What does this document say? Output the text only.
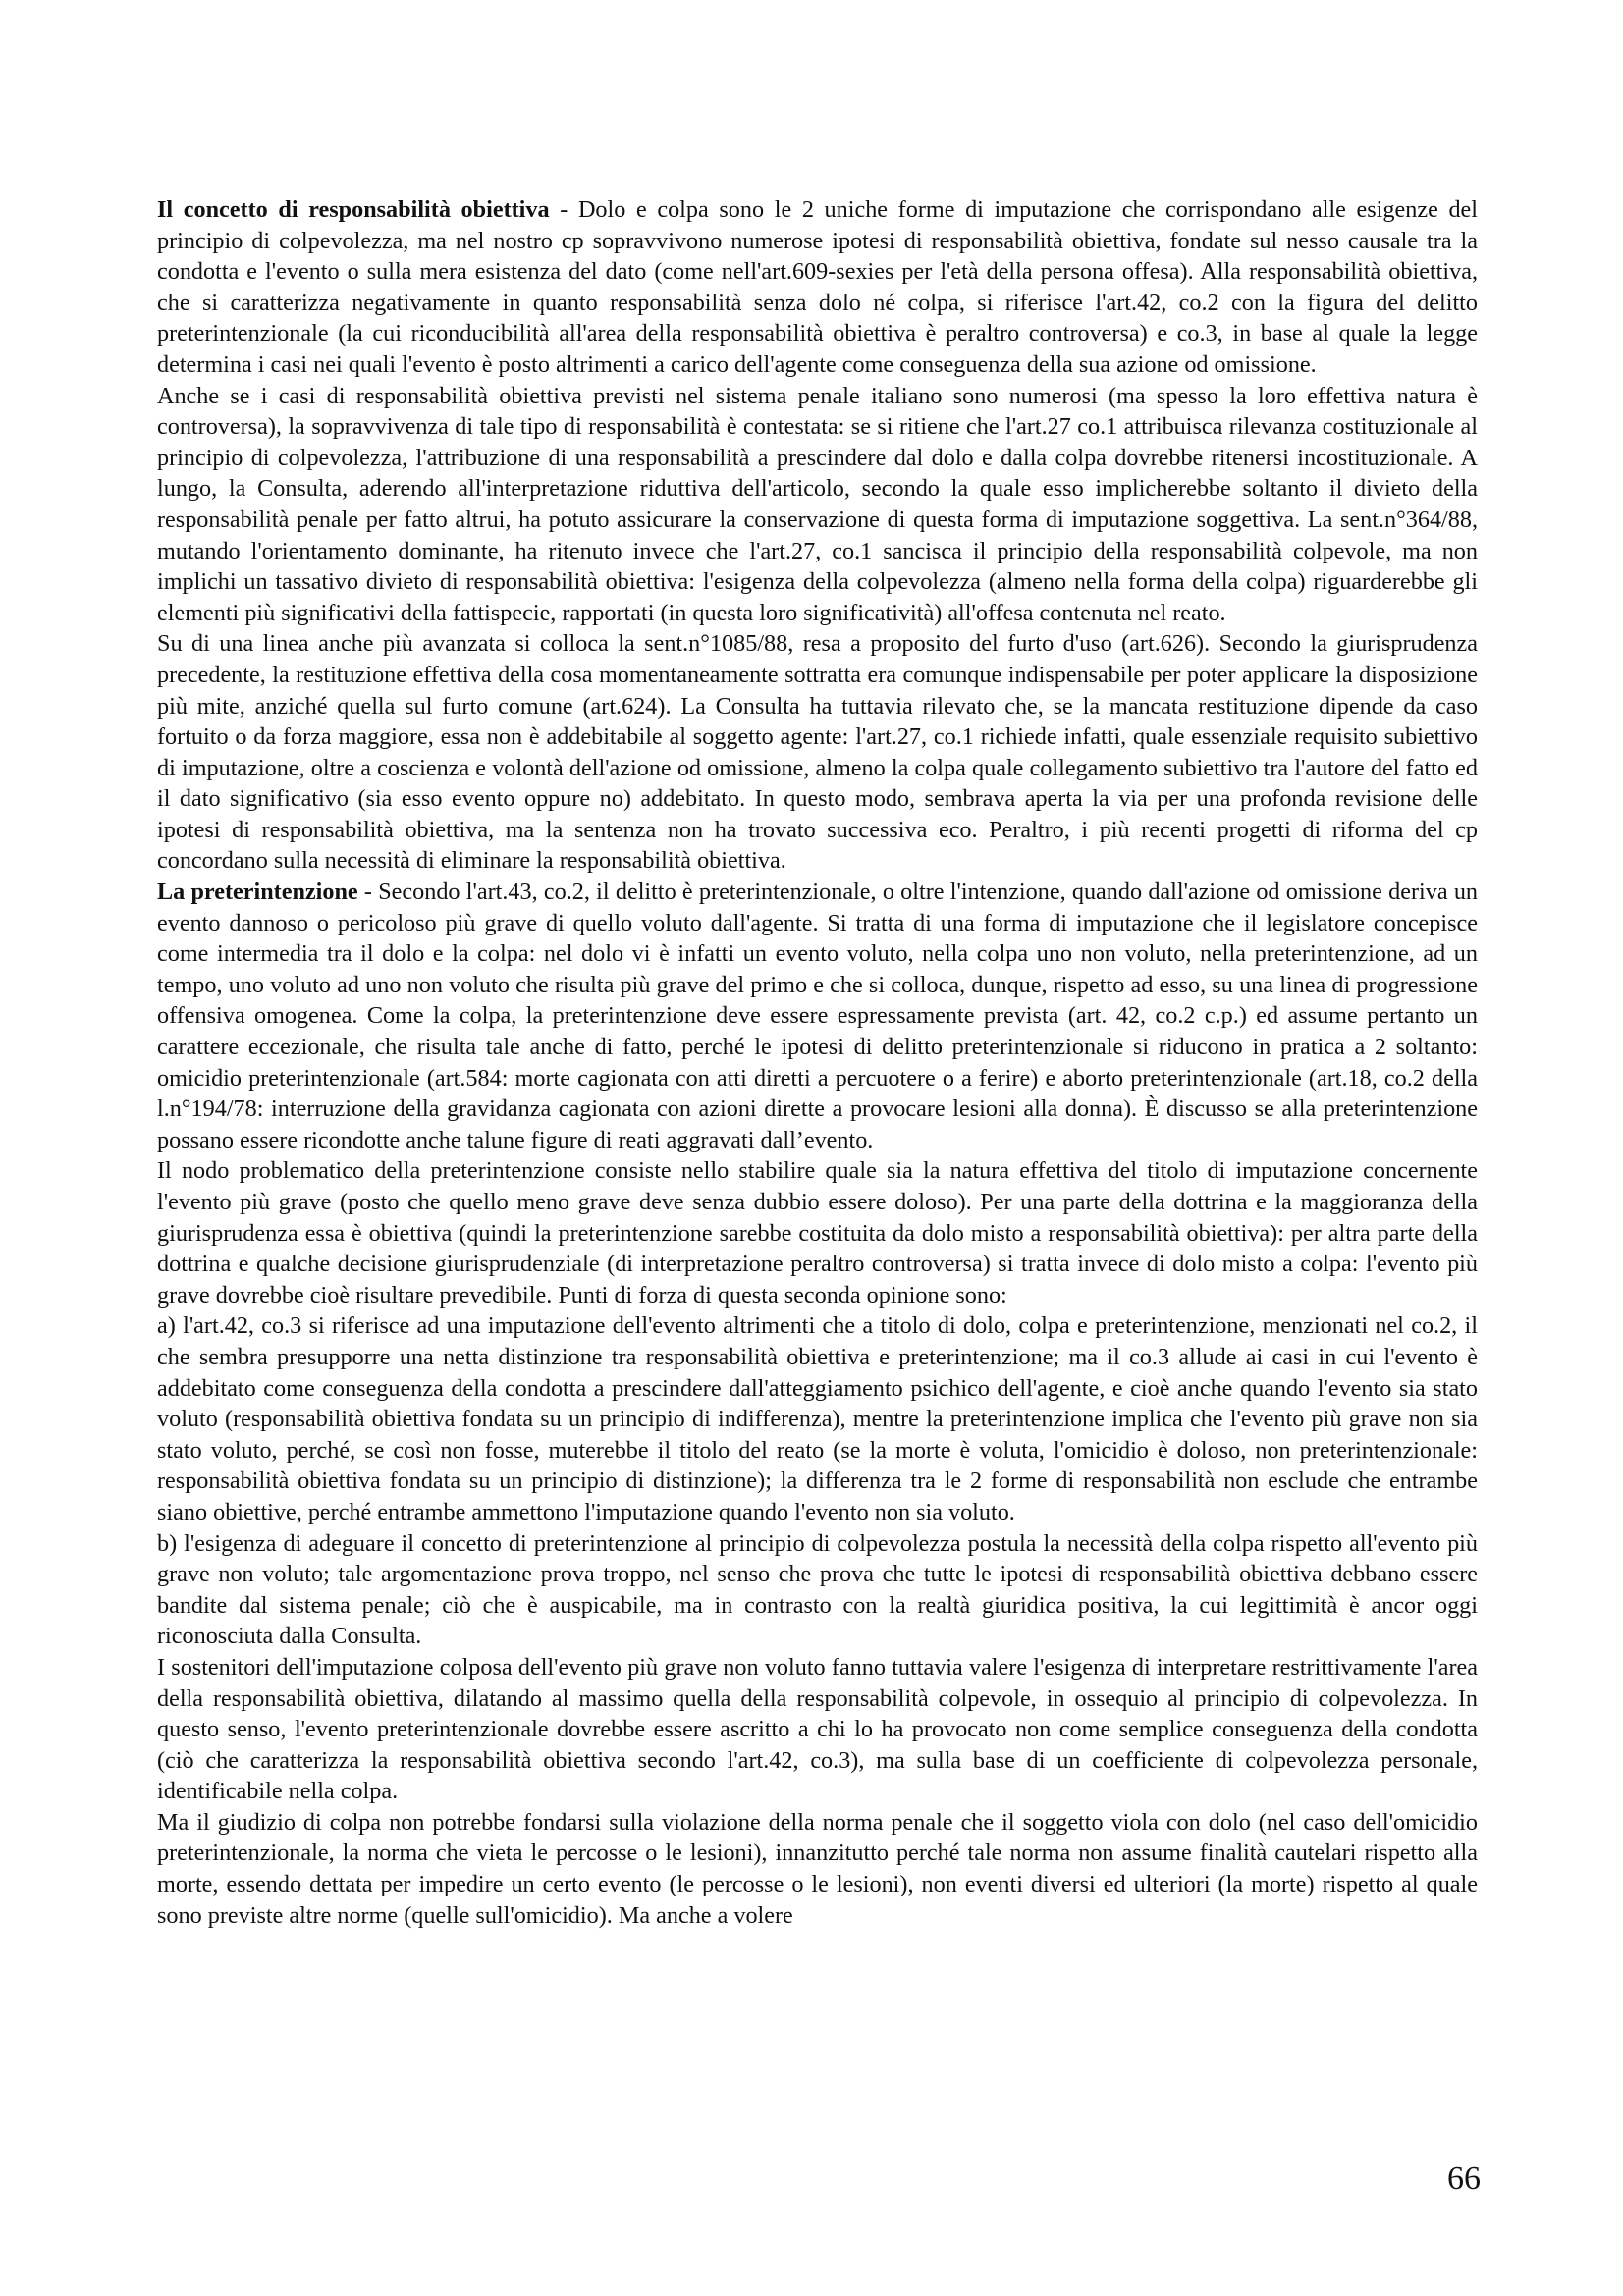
Il concetto di responsabilità obiettiva - Dolo e colpa sono le 2 uniche forme di imputazione che corrispondano alle esigenze del principio di colpevolezza, ma nel nostro cp sopravvivono numerose ipotesi di responsabilità obiettiva, fondate sul nesso causale tra la condotta e l'evento o sulla mera esistenza del dato (come nell'art.609-sexies per l'età della persona offesa). Alla responsabilità obiettiva, che si caratterizza negativamente in quanto responsabilità senza dolo né colpa, si riferisce l'art.42, co.2 con la figura del delitto preterintenzionale (la cui riconducibilità all'area della responsabilità obiettiva è peraltro controversa) e co.3, in base al quale la legge determina i casi nei quali l'evento è posto altrimenti a carico dell'agente come conseguenza della sua azione od omissione.

Anche se i casi di responsabilità obiettiva previsti nel sistema penale italiano sono numerosi (ma spesso la loro effettiva natura è controversa), la sopravvivenza di tale tipo di responsabilità è contestata: se si ritiene che l'art.27 co.1 attribuisca rilevanza costituzionale al principio di colpevolezza, l'attribuzione di una responsabilità a prescindere dal dolo e dalla colpa dovrebbe ritenersi incostituzionale. A lungo, la Consulta, aderendo all'interpretazione riduttiva dell'articolo, secondo la quale esso implicherebbe soltanto il divieto della responsabilità penale per fatto altrui, ha potuto assicurare la conservazione di questa forma di imputazione soggettiva. La sent.n°364/88, mutando l'orientamento dominante, ha ritenuto invece che l'art.27, co.1 sancisca il principio della responsabilità colpevole, ma non implichi un tassativo divieto di responsabilità obiettiva: l'esigenza della colpevolezza (almeno nella forma della colpa) riguarderebbe gli elementi più significativi della fattispecie, rapportati (in questa loro significatività) all'offesa contenuta nel reato.

Su di una linea anche più avanzata si colloca la sent.n°1085/88, resa a proposito del furto d'uso (art.626). Secondo la giurisprudenza precedente, la restituzione effettiva della cosa momentaneamente sottratta era comunque indispensabile per poter applicare la disposizione più mite, anziché quella sul furto comune (art.624). La Consulta ha tuttavia rilevato che, se la mancata restituzione dipende da caso fortuito o da forza maggiore, essa non è addebitabile al soggetto agente: l'art.27, co.1 richiede infatti, quale essenziale requisito subiettivo di imputazione, oltre a coscienza e volontà dell'azione od omissione, almeno la colpa quale collegamento subiettivo tra l'autore del fatto ed il dato significativo (sia esso evento oppure no) addebitato. In questo modo, sembrava aperta la via per una profonda revisione delle ipotesi di responsabilità obiettiva, ma la sentenza non ha trovato successiva eco. Peraltro, i più recenti progetti di riforma del cp concordano sulla necessità di eliminare la responsabilità obiettiva.

La preterintenzione - Secondo l'art.43, co.2, il delitto è preterintenzionale, o oltre l'intenzione, quando dall'azione od omissione deriva un evento dannoso o pericoloso più grave di quello voluto dall'agente. Si tratta di una forma di imputazione che il legislatore concepisce come intermedia tra il dolo e la colpa: nel dolo vi è infatti un evento voluto, nella colpa uno non voluto, nella preterintenzione, ad un tempo, uno voluto ad uno non voluto che risulta più grave del primo e che si colloca, dunque, rispetto ad esso, su una linea di progressione offensiva omogenea. Come la colpa, la preterintenzione deve essere espressamente prevista (art. 42, co.2 c.p.) ed assume pertanto un carattere eccezionale, che risulta tale anche di fatto, perché le ipotesi di delitto preterintenzionale si riducono in pratica a 2 soltanto: omicidio preterintenzionale (art.584: morte cagionata con atti diretti a percuotere o a ferire) e aborto preterintenzionale (art.18, co.2 della l.n°194/78: interruzione della gravidanza cagionata con azioni dirette a provocare lesioni alla donna). È discusso se alla preterintenzione possano essere ricondotte anche talune figure di reati aggravati dall’evento.

Il nodo problematico della preterintenzione consiste nello stabilire quale sia la natura effettiva del titolo di imputazione concernente l'evento più grave (posto che quello meno grave deve senza dubbio essere doloso). Per una parte della dottrina e la maggioranza della giurisprudenza essa è obiettiva (quindi la preterintenzione sarebbe costituita da dolo misto a responsabilità obiettiva): per altra parte della dottrina e qualche decisione giurisprudenziale (di interpretazione peraltro controversa) si tratta invece di dolo misto a colpa: l'evento più grave dovrebbe cioè risultare prevedibile. Punti di forza di questa seconda opinione sono:

a) l'art.42, co.3 si riferisce ad una imputazione dell'evento altrimenti che a titolo di dolo, colpa e preterintenzione, menzionati nel co.2, il che sembra presupporre una netta distinzione tra responsabilità obiettiva e preterintenzione; ma il co.3 allude ai casi in cui l'evento è addebitato come conseguenza della condotta a prescindere dall'atteggiamento psichico dell'agente, e cioè anche quando l'evento sia stato voluto (responsabilità obiettiva fondata su un principio di indifferenza), mentre la preterintenzione implica che l'evento più grave non sia stato voluto, perché, se così non fosse, muterebbe il titolo del reato (se la morte è voluta, l'omicidio è doloso, non preterintenzionale: responsabilità obiettiva fondata su un principio di distinzione); la differenza tra le 2 forme di responsabilità non esclude che entrambe siano obiettive, perché entrambe ammettono l'imputazione quando l'evento non sia voluto.

b) l'esigenza di adeguare il concetto di preterintenzione al principio di colpevolezza postula la necessità della colpa rispetto all'evento più grave non voluto; tale argomentazione prova troppo, nel senso che prova che tutte le ipotesi di responsabilità obiettiva debbano essere bandite dal sistema penale; ciò che è auspicabile, ma in contrasto con la realtà giuridica positiva, la cui legittimità è ancor oggi riconosciuta dalla Consulta.

I sostenitori dell'imputazione colposa dell'evento più grave non voluto fanno tuttavia valere l'esigenza di interpretare restrittivamente l'area della responsabilità obiettiva, dilatando al massimo quella della responsabilità colpevole, in ossequio al principio di colpevolezza. In questo senso, l'evento preterintenzionale dovrebbe essere ascritto a chi lo ha provocato non come semplice conseguenza della condotta (ciò che caratterizza la responsabilità obiettiva secondo l'art.42, co.3), ma sulla base di un coefficiente di colpevolezza personale, identificabile nella colpa.

Ma il giudizio di colpa non potrebbe fondarsi sulla violazione della norma penale che il soggetto viola con dolo (nel caso dell'omicidio preterintenzionale, la norma che vieta le percosse o le lesioni), innanzitutto perché tale norma non assume finalità cautelari rispetto alla morte, essendo dettata per impedire un certo evento (le percosse o le lesioni), non eventi diversi ed ulteriori (la morte) rispetto al quale sono previste altre norme (quelle sull'omicidio). Ma anche a volere

66
